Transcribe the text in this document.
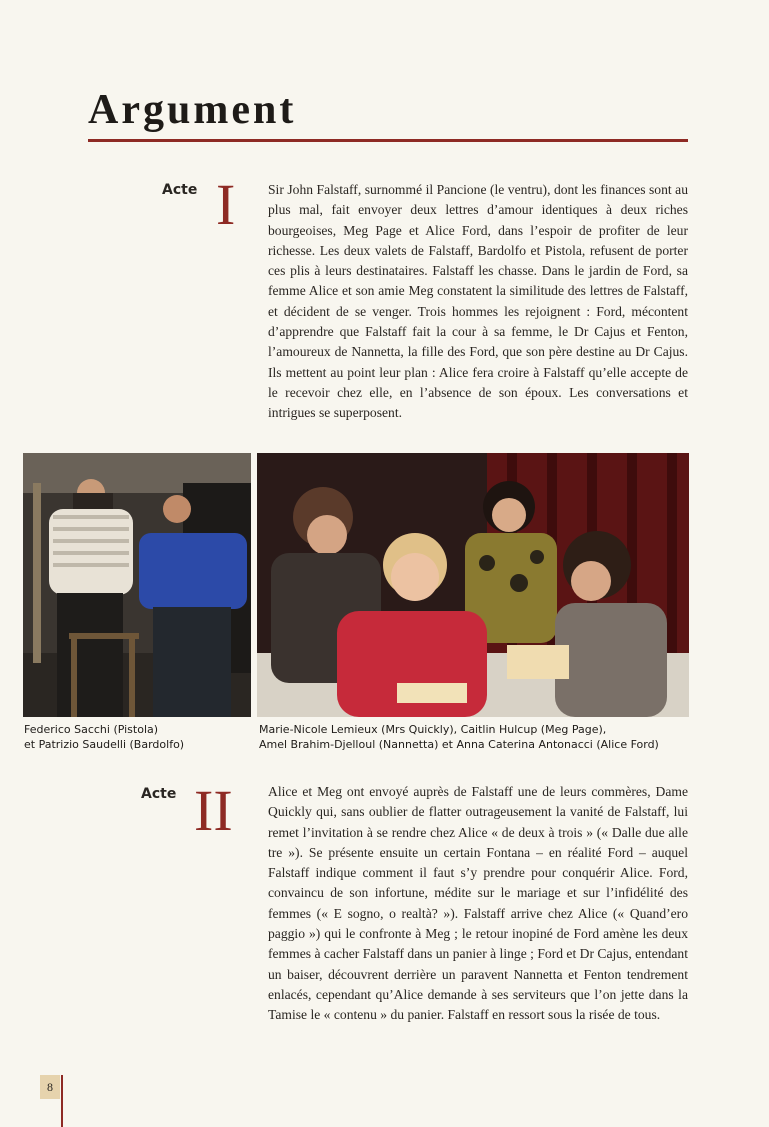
Argument
Acte I Sir John Falstaff, surnommé il Pancione (le ventru), dont les finances sont au plus mal, fait envoyer deux lettres d’amour identiques à deux riches bourgeoises, Meg Page et Alice Ford, dans l’espoir de profiter de leur richesse. Les deux valets de Falstaff, Bardolfo et Pistola, refusent de porter ces plis à leurs destinataires. Falstaff les chasse. Dans le jardin de Ford, sa femme Alice et son amie Meg constatent la similitude des lettres de Falstaff, et décident de se venger. Trois hommes les rejoignent : Ford, mécontent d’apprendre que Falstaff fait la cour à sa femme, le Dr Cajus et Fenton, l’amoureux de Nannetta, la fille des Ford, que son père destine au Dr Cajus. Ils mettent au point leur plan : Alice fera croire à Falstaff qu’elle accepte de le recevoir chez elle, en l’absence de son époux. Les conversations et intrigues se superposent.

Federico Sacchi (Pistola)
et Patrizio Saudelli (Bardolfo)

Marie-Nicole Lemieux (Mrs Quickly), Caitlin Hulcup (Meg Page),
Amel Brahim-Djelloul (Nannetta) et Anna Caterina Antonacci (Alice Ford)

Acte II	Alice et Meg ont envoyé auprès de Falstaff une de leurs commères, Dame Quickly qui, sans oublier de flatter outrageusement la vanité de Falstaff, lui remet l’invitation à se rendre chez Alice « de deux à trois » (« Dalle due alle tre »). Se présente ensuite un certain Fontana – en réalité Ford – auquel Falstaff indique comment il faut s’y prendre pour conquérir Alice. Ford, convaincu de son infortune, médite sur le mariage et sur l’infidélité des femmes (« E sogno, o realtà? »). Falstaff arrive chez Alice (« Quand’ero paggio ») qui le confronte à Meg ; le retour inopiné de Ford amène les deux femmes à cacher Falstaff dans un panier à linge ; Ford et Dr Cajus, entendant un baiser, découvrent derrière un paravent Nannetta et Fenton tendrement enlacés, cependant qu’Alice demande à ses serviteurs que l’on jette dans la Tamise le « contenu » du panier. Falstaff en ressort sous la risée de tous.

8
